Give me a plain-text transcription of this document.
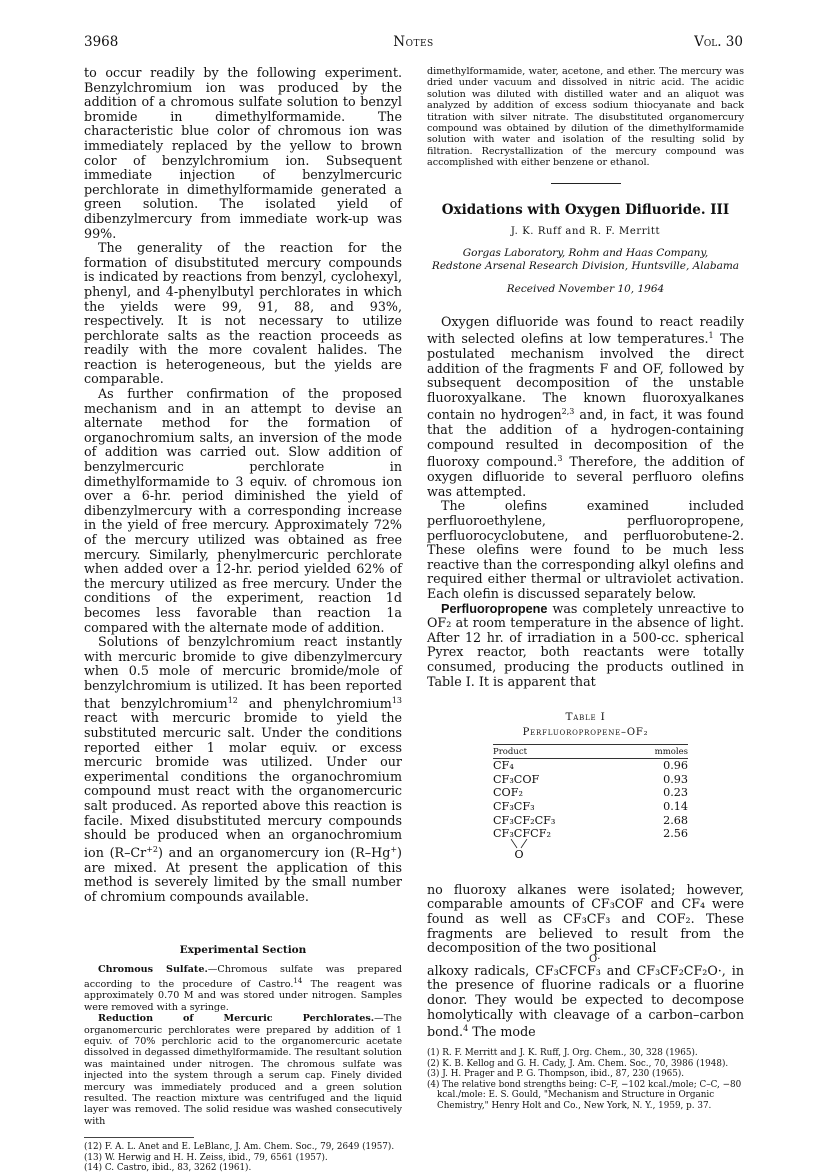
3968	Notes	Vol. 30

to occur readily by the following experiment. Benzylchromium ion was produced by the addition of a chromous sulfate solution to benzyl bromide in dimethylformamide. The characteristic blue color of chromous ion was immediately replaced by the yellow to brown color of benzylchromium ion. Subsequent immediate injection of benzylmercuric perchlorate in dimethylformamide generated a green solution. The isolated yield of dibenzylmercury from immediate work-up was 99%.

The generality of the reaction for the formation of disubstituted mercury compounds is indicated by reactions from benzyl, cyclohexyl, phenyl, and 4-phenylbutyl perchlorates in which the yields were 99, 91, 88, and 93%, respectively. It is not necessary to utilize perchlorate salts as the reaction proceeds as readily with the more covalent halides. The reaction is heterogeneous, but the yields are comparable.

As further confirmation of the proposed mechanism and in an attempt to devise an alternate method for the formation of organochromium salts, an inversion of the mode of addition was carried out. Slow addition of benzylmercuric perchlorate in dimethylformamide to 3 equiv. of chromous ion over a 6-hr. period diminished the yield of dibenzylmercury with a corresponding increase in the yield of free mercury. Approximately 72% of the mercury utilized was obtained as free mercury. Similarly, phenylmercuric perchlorate when added over a 12-hr. period yielded 62% of the mercury utilized as free mercury. Under the conditions of the experiment, reaction 1d becomes less favorable than reaction 1a compared with the alternate mode of addition.

Solutions of benzylchromium react instantly with mercuric bromide to give dibenzylmercury when 0.5 mole of mercuric bromide/mole of benzylchromium is utilized. It has been reported that benzylchromium$^{12}$ and phenylchromium$^{13}$ react with mercuric bromide to yield the substituted mercuric salt. Under the conditions reported either 1 molar equiv. or excess mercuric bromide was utilized. Under our experimental conditions the organochromium compound must react with the organomercuric salt produced. As reported above this reaction is facile. Mixed disubstituted mercury compounds should be produced when an organochromium ion $(R-Cr^{+2})$ and an organomercury ion (R–Hg+) are mixed. At present the application of this method is severely limited by the small number of chromium compounds available.

Experimental Section

Chromous Sulfate.—Chromous sulfate was prepared according to the procedure of Castro.$^{14}$ The reagent was approximately 0.70 M and was stored under nitrogen. Samples were removed with a syringe.

Reduction of Mercuric Perchlorates.—The organomercuric perchlorates were prepared by addition of 1 equiv. of 70% perchloric acid to the organomercuric acetate dissolved in degassed dimethylformamide. The resultant solution was maintained under nitrogen. The chromous sulfate was injected into the system through a serum cap. Finely divided mercury was immediately produced and a green solution resulted. The reaction mixture was centrifuged and the liquid layer was removed. The solid residue was washed consecutively with

(12) F. A. L. Anet and E. LeBlanc, J. Am. Chem. Soc., 79, 2649 (1957).
(13) W. Herwig and H. H. Zeiss, ibid., 79, 6561 (1957).
(14) C. Castro, ibid., 83, 3262 (1961).

dimethylformamide, water, acetone, and ether. The mercury was dried under vacuum and dissolved in nitric acid. The acidic solution was diluted with distilled water and an aliquot was analyzed by addition of excess sodium thiocyanate and back titration with silver nitrate. The disubstituted organomercury compound was obtained by dilution of the dimethylformamide solution with water and isolation of the resulting solid by filtration. Recrystallization of the mercury compound was accomplished with either benzene or ethanol.

Oxidations with Oxygen Difluoride. III
J. K. Ruff and R. F. Merritt
Gorgas Laboratory, Rohm and Haas Company,
Redstone Arsenal Research Division, Huntsville, Alabama
Received November 10, 1964

Oxygen difluoride was found to react readily with selected olefins at low temperatures.$^1$ The postulated mechanism involved the direct addition of the fragments F and OF, followed by subsequent decomposition of the unstable fluoroxyalkane. The known fluoroxyalkanes contain no hydrogen$^{2,3}$ and, in fact, it was found that the addition of a hydrogen-containing compound resulted in decomposition of the fluoroxy compound.$^3$ Therefore, the addition of oxygen difluoride to several perfluoro olefins was attempted.

The olefins examined included perfluoroethylene, perfluoropropene, perfluorocyclobutene, and perfluorobutene-2. These olefins were found to be much less reactive than the corresponding alkyl olefins and required either thermal or ultraviolet activation. Each olefin is discussed separately below.

Perfluoropropene was completely unreactive to OF₂ at room temperature in the absence of light. After 12 hr. of irradiation in a 500-cc. spherical Pyrex reactor, both reactants were totally consumed, producing the products outlined in Table I. It is apparent that

Table I
Perfluoropropene–OF₂
Product	mmoles
CF₄	0.96
CF₃COF	0.93
COF₂	0.23
CF₃CF₃	0.14
CF₃CF₂CF₃	2.68
CF₃CFCF₂	2.56

O	

no fluoroxy alkanes were isolated; however, comparable amounts of CF₃COF and CF₄ were found as well as CF₃CF₃ and COF₂. These fragments are believed to result from the decomposition of the two positional

O·

alkoxy radicals, CF₃CFCF₃ and CF₃CF₂CF₂O·, in the presence of fluorine radicals or a fluorine donor. They would be expected to decompose homolytically with cleavage of a carbon–carbon bond.$^4$ The mode

(1) R. F. Merritt and J. K. Ruff, J. Org. Chem., 30, 328 (1965).
(2) K. B. Kellog and G. H. Cady, J. Am. Chem. Soc., 70, 3986 (1948).
(3) J. H. Prager and P. G. Thompson, ibid., 87, 230 (1965).
(4) The relative bond strengths being: C–F, −102 kcal./mole; C–C, −80 kcal./mole: E. S. Gould, "Mechanism and Structure in Organic Chemistry," Henry Holt and Co., New York, N. Y., 1959, p. 37.
